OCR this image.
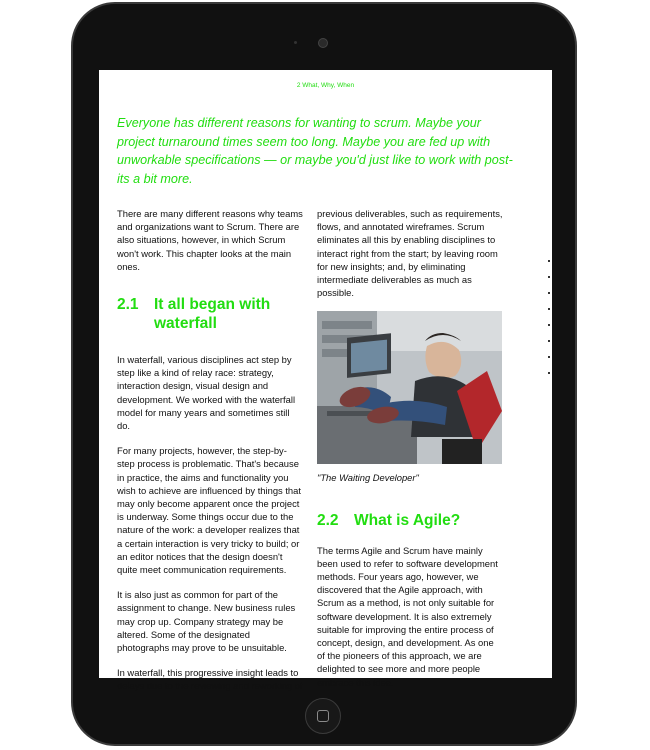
2 What, Why, When

Everyone has different reasons for wanting to scrum. Maybe your project turnaround times seem too long. Maybe you are fed up with unworkable specifications — or maybe you'd just like to work with post-its a bit more.

There are many different reasons why teams and organizations want to Scrum. There are also situations, however, in which Scrum won't work. This chapter looks at the main ones.

2.1 It all began with waterfall

In waterfall, various disciplines act step by step like a kind of relay race: strategy, interaction design, visual design and development. We worked with the waterfall model for many years and sometimes still do.

For many projects, however, the step-by-step process is problematic. That's because in practice, the aims and functionality you wish to achieve are influenced by things that may only become apparent once the project is underway. Some things occur due to the nature of the work: a developer realizes that a certain interaction is very tricky to build; or an editor notices that the design doesn't quite meet communication requirements.

It is also just as common for part of the assignment to change. New business rules may crop up. Company strategy may be altered. Some of the designated photographs may prove to be unsuitable.

In waterfall, this progressive insight leads to delays due to the reviewing and reworking of

previous deliverables, such as requirements, flows, and annotated wireframes. Scrum eliminates all this by enabling disciplines to interact right from the start; by leaving room for new insights; and, by eliminating intermediate deliverables as much as possible.

"The Waiting Developer"

2.2 What is Agile?

The terms Agile and Scrum have mainly been used to refer to software development methods. Four years ago, however, we discovered that the Agile approach, with Scrum as a method, is not only suitable for software development. It is also extremely suitable for improving the entire process of concept, design, and development. As one of the pioneers of this approach, we are delighted to see more and more people embrace this idea.
